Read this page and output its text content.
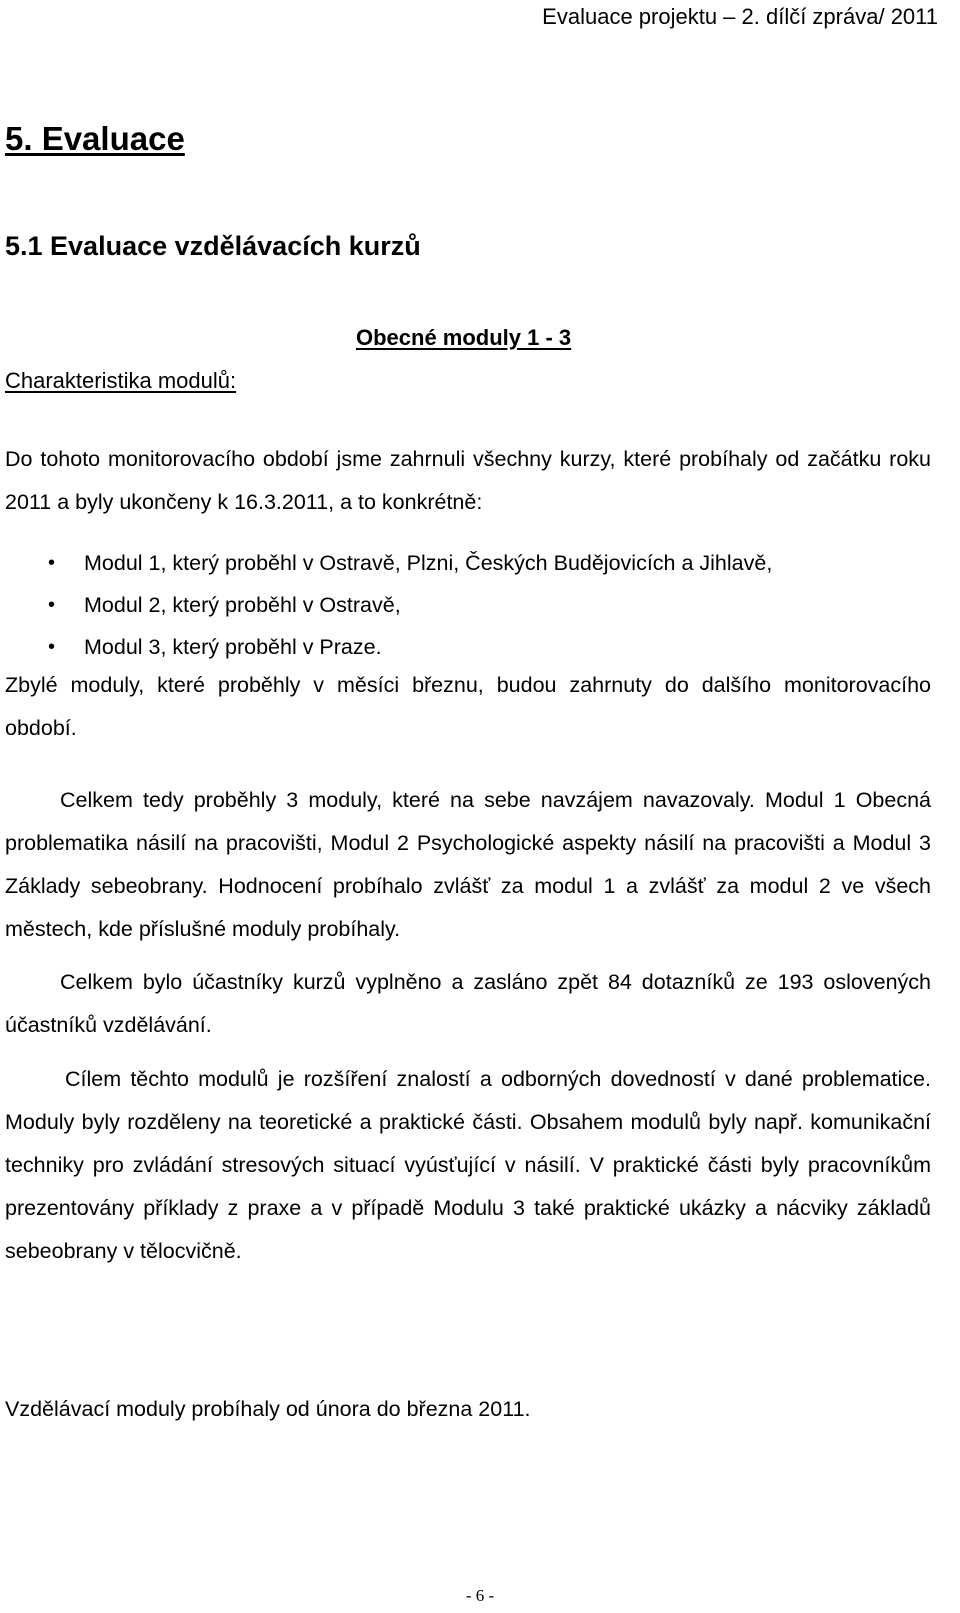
Evaluace projektu – 2. dílčí zpráva/ 2011
5. Evaluace
5.1 Evaluace vzdělávacích kurzů
Obecné moduly 1 - 3
Charakteristika modulů:

Do tohoto monitorovacího období jsme zahrnuli všechny kurzy, které probíhaly od začátku roku 2011 a byly ukončeny k 16.3.2011, a to konkrétně:

• Modul 1, který proběhl v Ostravě, Plzni, Českých Budějovicích a Jihlavě,
• Modul 2, který proběhl v Ostravě,
• Modul 3, který proběhl v Praze.

Zbylé moduly, které proběhly v měsíci březnu, budou zahrnuty do dalšího monitorovacího období.

Celkem tedy proběhly 3 moduly, které na sebe navzájem navazovaly. Modul 1 Obecná problematika násilí na pracovišti, Modul 2 Psychologické aspekty násilí na pracovišti a Modul 3 Základy sebeobrany. Hodnocení probíhalo zvlášť za modul 1 a zvlášť za modul 2 ve všech městech, kde příslušné moduly probíhaly.

Celkem bylo účastníky kurzů vyplněno a zasláno zpět 84 dotazníků ze 193 oslovených účastníků vzdělávání.

Cílem těchto modulů je rozšíření znalostí a odborných dovedností v dané problematice. Moduly byly rozděleny na teoretické a praktické části. Obsahem modulů byly např. komunikační techniky pro zvládání stresových situací vyúsťující v násilí. V praktické části byly pracovníkům prezentovány příklady z praxe a v případě Modulu 3 také praktické ukázky a nácviky základů sebeobrany v tělocvičně.

Vzdělávací moduly probíhaly od února do března 2011.
- 6 -
